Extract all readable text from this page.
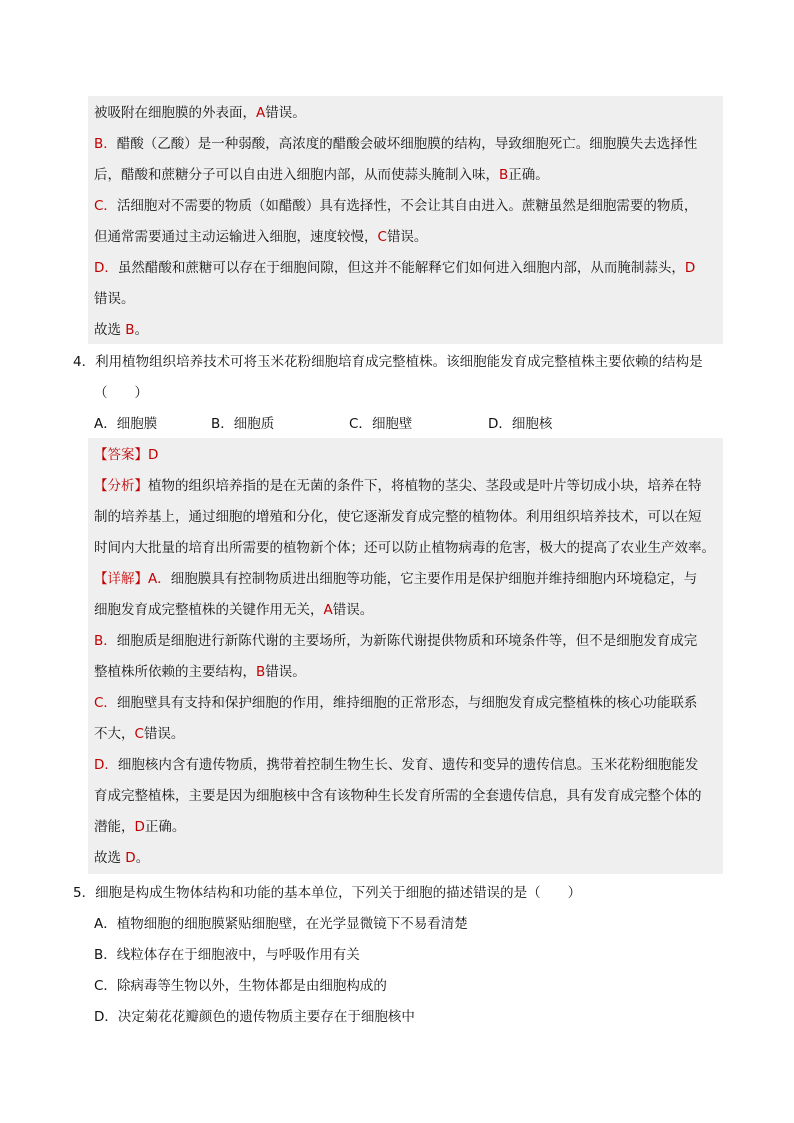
被吸附在细胞膜的外表面，A错误。
B．醋酸（乙酸）是一种弱酸，高浓度的醋酸会破坏细胞膜的结构，导致细胞死亡。细胞膜失去选择性
后，醋酸和蔗糖分子可以自由进入细胞内部，从而使蒜头腌制入味，B正确。
C．活细胞对不需要的物质（如醋酸）具有选择性，不会让其自由进入。蔗糖虽然是细胞需要的物质，
但通常需要通过主动运输进入细胞，速度较慢，C错误。
D．虽然醋酸和蔗糖可以存在于细胞间隙，但这并不能解释它们如何进入细胞内部，从而腌制蒜头，D
错误。
故选 B。
4．利用植物组织培养技术可将玉米花粉细胞培育成完整植株。该细胞能发育成完整植株主要依赖的结构是
（　　）
A．细胞膜	B．细胞质	C．细胞壁	D．细胞核
【答案】D
【分析】植物的组织培养指的是在无菌的条件下，将植物的茎尖、茎段或是叶片等切成小块，培养在特
制的培养基上，通过细胞的增殖和分化，使它逐渐发育成完整的植物体。利用组织培养技术，可以在短
时间内大批量的培育出所需要的植物新个体；还可以防止植物病毒的危害，极大的提高了农业生产效率。
【详解】A．细胞膜具有控制物质进出细胞等功能，它主要作用是保护细胞并维持细胞内环境稳定，与
细胞发育成完整植株的关键作用无关，A错误。
B．细胞质是细胞进行新陈代谢的主要场所，为新陈代谢提供物质和环境条件等，但不是细胞发育成完
整植株所依赖的主要结构，B错误。
C．细胞壁具有支持和保护细胞的作用，维持细胞的正常形态，与细胞发育成完整植株的核心功能联系
不大，C错误。
D．细胞核内含有遗传物质，携带着控制生物生长、发育、遗传和变异的遗传信息。玉米花粉细胞能发
育成完整植株，主要是因为细胞核中含有该物种生长发育所需的全套遗传信息，具有发育成完整个体的
潜能，D正确。
故选 D。
5．细胞是构成生物体结构和功能的基本单位，下列关于细胞的描述错误的是（　　）
A．植物细胞的细胞膜紧贴细胞壁，在光学显微镜下不易看清楚
B．线粒体存在于细胞液中，与呼吸作用有关
C．除病毒等生物以外，生物体都是由细胞构成的
D．决定菊花花瓣颜色的遗传物质主要存在于细胞核中
